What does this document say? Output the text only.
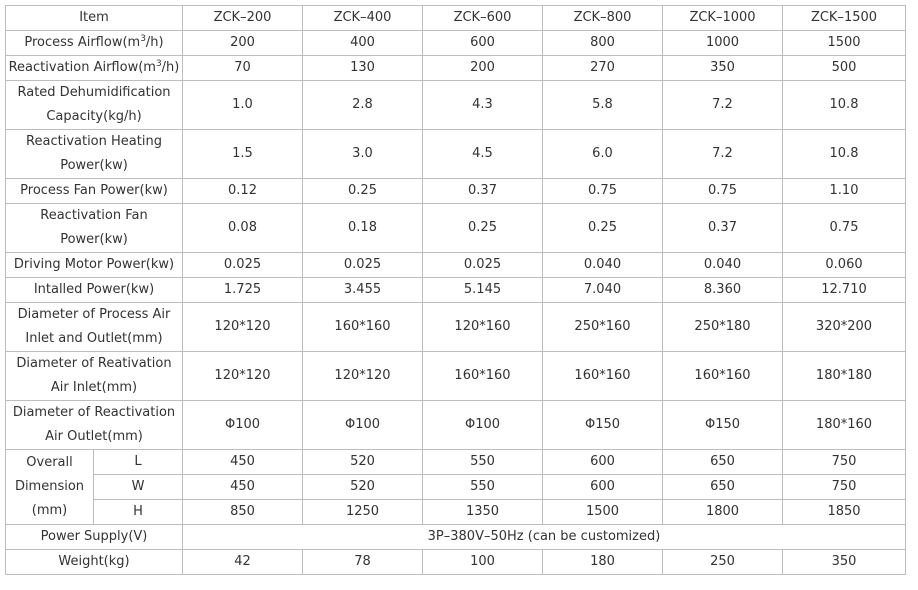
Item		ZCK–200	ZCK–400	ZCK–600	ZCK–800	ZCK–1000	ZCK–1500
Process $Airflow(m^3/h)$		200	400	600	800	1000	1500
Reactivation $Airflow(m^3/h)$		70	130	200	270	350	500
Rated Dehumidification Capacity(kg/h)		1.0	2.8	4.3	5.8	7.2	10.8
Reactivation Heating Power(kw)		1.5	3.0	4.5	6.0	7.2	10.8
Process Fan Power(kw)		0.12	0.25	0.37	0.75	0.75	1.10
Reactivation Fan Power(kw)		0.08	0.18	0.25	0.25	0.37	0.75
Driving Motor Power(kw)		0.025	0.025	0.025	0.040	0.040	0.060
Intalled Power(kw)		1.725	3.455	5.145	7.040	8.360	12.710
Diameter of Process Air Inlet and Outlet(mm)		120*120	160*160	120*160	250*160	250*180	320*200
Diameter of Reativation Air Inlet(mm)		120*120	120*120	160*160	160*160	160*160	180*180
Diameter of Reactivation Air Outlet(mm)		Φ100	Φ100	Φ100	Φ150	Φ150	180*160
Overall Dimension (mm)	L	450	520	550	600	650	750
	W	450	520	550	600	650	750
	H	850	1250	1350	1500	1800	1850
Power Supply(V)		3P–380V–50Hz (can be customized)					
Weight(kg)		42	78	100	180	250	350
